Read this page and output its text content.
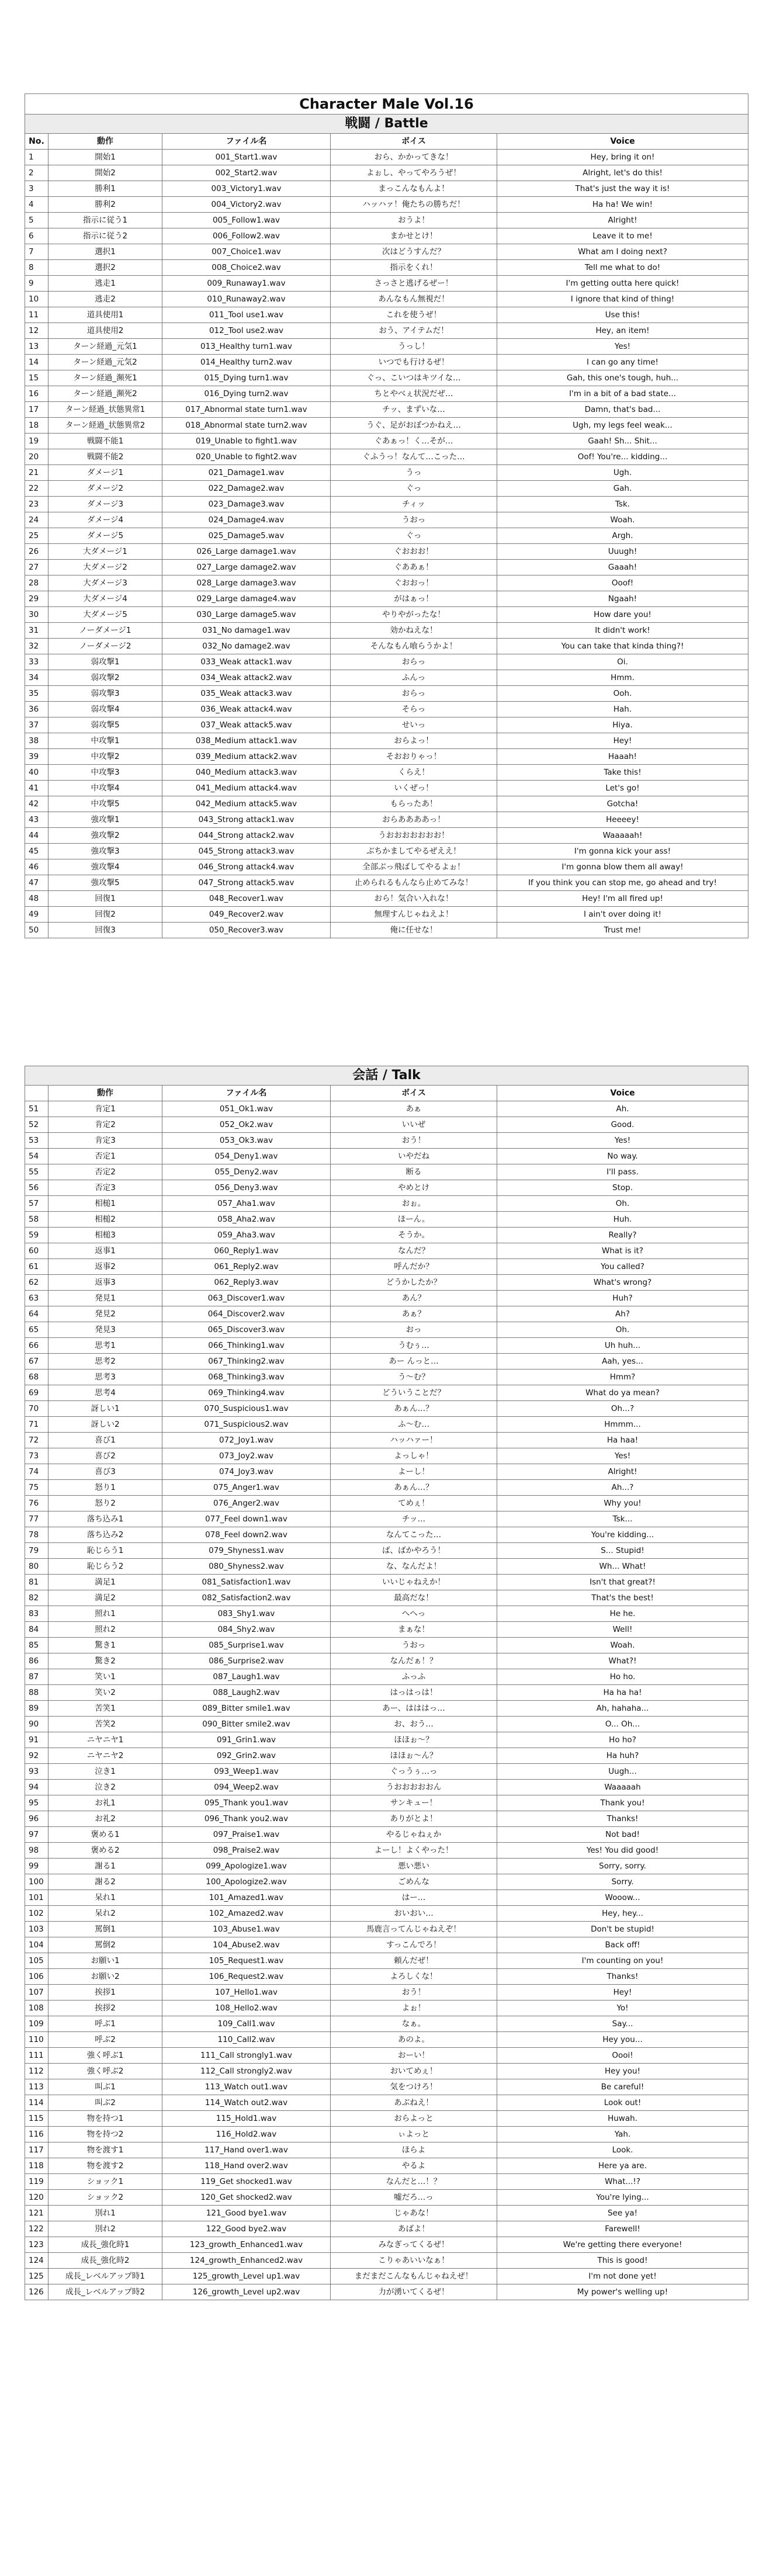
Character Male Vol.16				
戦闘 / Battle				
No.	動作	ファイル名	ボイス	Voice
1	開始1	001_Start1.wav	おら、かかってきな！	Hey, bring it on!
2	開始2	002_Start2.wav	よぉし、やってやろうぜ！	Alright, let's do this!
3	勝利1	003_Victory1.wav	まっこんなもんよ！	That's just the way it is!
4	勝利2	004_Victory2.wav	ハッハァ！俺たちの勝ちだ！	Ha ha! We win!
5	指示に従う1	005_Follow1.wav	おうよ！	Alright!
6	指示に従う2	006_Follow2.wav	まかせとけ！	Leave it to me!
7	選択1	007_Choice1.wav	次はどうすんだ？	What am I doing next?
8	選択2	008_Choice2.wav	指示をくれ！	Tell me what to do!
9	逃走1	009_Runaway1.wav	さっさと逃げるぜー！	I'm getting outta here quick!
10	逃走2	010_Runaway2.wav	あんなもん無視だ！	I ignore that kind of thing!
11	道具使用1	011_Tool use1.wav	これを使うぜ！	Use this!
12	道具使用2	012_Tool use2.wav	おう、アイテムだ！	Hey, an item!
13	ターン経過_元気1	013_Healthy turn1.wav	うっし！	Yes!
14	ターン経過_元気2	014_Healthy turn2.wav	いつでも行けるぜ！	I can go any time!
15	ターン経過_瀕死1	015_Dying turn1.wav	ぐっ、こいつはキツイな…	Gah, this one's tough, huh...
16	ターン経過_瀕死2	016_Dying turn2.wav	ちとやべぇ状況だぜ…	I'm in a bit of a bad state...
17	ターン経過_状態異常1	017_Abnormal state turn1.wav	チッ、まずいな…	Damn, that's bad...
18	ターン経過_状態異常2	018_Abnormal state turn2.wav	うぐ、足がおぼつかねえ…	Ugh, my legs feel weak...
19	戦闘不能1	019_Unable to fight1.wav	ぐあぁっ！く…そが…	Gaah! Sh... Shit...
20	戦闘不能2	020_Unable to fight2.wav	ぐふうっ！なんて…こった…	Oof! You're... kidding...
21	ダメージ1	021_Damage1.wav	うっ	Ugh.
22	ダメージ2	022_Damage2.wav	ぐっ	Gah.
23	ダメージ3	023_Damage3.wav	チィッ	Tsk.
24	ダメージ4	024_Damage4.wav	うおっ	Woah.
25	ダメージ5	025_Damage5.wav	ぐっ	Argh.
26	大ダメージ1	026_Large damage1.wav	ぐおおお！	Uuugh!
27	大ダメージ2	027_Large damage2.wav	ぐああぁ！	Gaaah!
28	大ダメージ3	028_Large damage3.wav	ぐおおっ！	Ooof!
29	大ダメージ4	029_Large damage4.wav	がはぁっ！	Ngaah!
30	大ダメージ5	030_Large damage5.wav	やりやがったな！	How dare you!
31	ノーダメージ1	031_No damage1.wav	効かねえな！	It didn't work!
32	ノーダメージ2	032_No damage2.wav	そんなもん喰らうかよ！	You can take that kinda thing?!
33	弱攻撃1	033_Weak attack1.wav	おらっ	Oi.
34	弱攻撃2	034_Weak attack2.wav	ふんっ	Hmm.
35	弱攻撃3	035_Weak attack3.wav	おらっ	Ooh.
36	弱攻撃4	036_Weak attack4.wav	そらっ	Hah.
37	弱攻撃5	037_Weak attack5.wav	せいっ	Hiya.
38	中攻撃1	038_Medium attack1.wav	おらよっ！	Hey!
39	中攻撃2	039_Medium attack2.wav	そおおりゃっ！	Haaah!
40	中攻撃3	040_Medium attack3.wav	くらえ！	Take this!
41	中攻撃4	041_Medium attack4.wav	いくぜっ！	Let's go!
42	中攻撃5	042_Medium attack5.wav	もらったあ！	Gotcha!
43	強攻撃1	043_Strong attack1.wav	おらああああっ！	Heeeey!
44	強攻撃2	044_Strong attack2.wav	うおおおおおおお！	Waaaaah!
45	強攻撃3	045_Strong attack3.wav	ぶちかましてやるぜええ！	I'm gonna kick your ass!
46	強攻撃4	046_Strong attack4.wav	全部ぶっ飛ばしてやるよぉ！	I'm gonna blow them all away!
47	強攻撃5	047_Strong attack5.wav	止められるもんなら止めてみな！	If you think you can stop me, go ahead and try!
48	回復1	048_Recover1.wav	おら！気合い入れな！	Hey! I'm all fired up!
49	回復2	049_Recover2.wav	無理すんじゃねえよ！	I ain't over doing it!
50	回復3	050_Recover3.wav	俺に任せな！	Trust me!
会話 / Talk				
	動作	ファイル名	ボイス	Voice
51	肯定1	051_Ok1.wav	あぁ	Ah.
52	肯定2	052_Ok2.wav	いいぜ	Good.
53	肯定3	053_Ok3.wav	おう！	Yes!
54	否定1	054_Deny1.wav	いやだね	No way.
55	否定2	055_Deny2.wav	断る	I'll pass.
56	否定3	056_Deny3.wav	やめとけ	Stop.
57	相槌1	057_Aha1.wav	おぉ。	Oh.
58	相槌2	058_Aha2.wav	ほーん。	Huh.
59	相槌3	059_Aha3.wav	そうか。	Really?
60	返事1	060_Reply1.wav	なんだ？	What is it?
61	返事2	061_Reply2.wav	呼んだか？	You called?
62	返事3	062_Reply3.wav	どうかしたか？	What's wrong?
63	発見1	063_Discover1.wav	あん？	Huh?
64	発見2	064_Discover2.wav	あぁ？	Ah?
65	発見3	065_Discover3.wav	おっ	Oh.
66	思考1	066_Thinking1.wav	うむぅ…	Uh huh...
67	思考2	067_Thinking2.wav	あー んっと…	Aah, yes...
68	思考3	068_Thinking3.wav	う～む？	Hmm?
69	思考4	069_Thinking4.wav	どういうことだ？	What do ya mean?
70	訝しい1	070_Suspicious1.wav	あぁん…？	Oh...?
71	訝しい2	071_Suspicious2.wav	ふ～む…	Hmmm...
72	喜び1	072_Joy1.wav	ハッハァー！	Ha haa!
73	喜び2	073_Joy2.wav	よっしゃ！	Yes!
74	喜び3	074_Joy3.wav	よーし！	Alright!
75	怒り1	075_Anger1.wav	あぁん…？	Ah...?
76	怒り2	076_Anger2.wav	てめぇ！	Why you!
77	落ち込み1	077_Feel down1.wav	チッ…	Tsk...
78	落ち込み2	078_Feel down2.wav	なんてこった…	You're kidding...
79	恥じらう1	079_Shyness1.wav	ば、ばかやろう！	S... Stupid!
80	恥じらう2	080_Shyness2.wav	な、なんだよ！	Wh... What!
81	満足1	081_Satisfaction1.wav	いいじゃねえか！	Isn't that great?!
82	満足2	082_Satisfaction2.wav	最高だな！	That's the best!
83	照れ1	083_Shy1.wav	へへっ	He he.
84	照れ2	084_Shy2.wav	まぁな！	Well!
85	驚き1	085_Surprise1.wav	うおっ	Woah.
86	驚き2	086_Surprise2.wav	なんだぁ！？	What?!
87	笑い1	087_Laugh1.wav	ふっふ	Ho ho.
88	笑い2	088_Laugh2.wav	はっはっは！	Ha ha ha!
89	苦笑1	089_Bitter smile1.wav	あー、はははっ…	Ah, hahaha...
90	苦笑2	090_Bitter smile2.wav	お、おう…	O... Oh...
91	ニヤニヤ1	091_Grin1.wav	ほほぉ～？	Ho ho?
92	ニヤニヤ2	092_Grin2.wav	ほほぉ～ん？	Ha huh?
93	泣き1	093_Weep1.wav	ぐっうぅ…っ	Uugh...
94	泣き2	094_Weep2.wav	うおおおおおん	Waaaaah
95	お礼1	095_Thank you1.wav	サンキュー！	Thank you!
96	お礼2	096_Thank you2.wav	ありがとよ！	Thanks!
97	褒める1	097_Praise1.wav	やるじゃねぇか	Not bad!
98	褒める2	098_Praise2.wav	よーし！よくやった！	Yes! You did good!
99	謝る1	099_Apologize1.wav	悪い悪い	Sorry, sorry.
100	謝る2	100_Apologize2.wav	ごめんな	Sorry.
101	呆れ1	101_Amazed1.wav	はー…	Wooow...
102	呆れ2	102_Amazed2.wav	おいおい…	Hey, hey...
103	罵倒1	103_Abuse1.wav	馬鹿言ってんじゃねえぞ！	Don't be stupid!
104	罵倒2	104_Abuse2.wav	すっこんでろ！	Back off!
105	お願い1	105_Request1.wav	頼んだぜ！	I'm counting on you!
106	お願い2	106_Request2.wav	よろしくな！	Thanks!
107	挨拶1	107_Hello1.wav	おう！	Hey!
108	挨拶2	108_Hello2.wav	よぉ！	Yo!
109	呼ぶ1	109_Call1.wav	なぁ。	Say...
110	呼ぶ2	110_Call2.wav	あのよ。	Hey you...
111	強く呼ぶ1	111_Call strongly1.wav	おーい！	Oooi!
112	強く呼ぶ2	112_Call strongly2.wav	おいてめぇ！	Hey you!
113	叫ぶ1	113_Watch out1.wav	気をつけろ！	Be careful!
114	叫ぶ2	114_Watch out2.wav	あぶねえ！	Look out!
115	物を持つ1	115_Hold1.wav	おらよっと	Huwah.
116	物を持つ2	116_Hold2.wav	ぃよっと	Yah.
117	物を渡す1	117_Hand over1.wav	ほらよ	Look.
118	物を渡す2	118_Hand over2.wav	やるよ	Here ya are.
119	ショック1	119_Get shocked1.wav	なんだと…！？	What...!?
120	ショック2	120_Get shocked2.wav	嘘だろ…っ	You're lying...
121	別れ1	121_Good bye1.wav	じゃあな！	See ya!
122	別れ2	122_Good bye2.wav	あばよ！	Farewell!
123	成長_強化時1	123_growth_Enhanced1.wav	みなぎってくるぜ！	We're getting there everyone!
124	成長_強化時2	124_growth_Enhanced2.wav	こりゃあいいなぁ！	This is good!
125	成長_レベルアップ時1	125_growth_Level up1.wav	まだまだこんなもんじゃねえぜ！	I'm not done yet!
126	成長_レベルアップ時2	126_growth_Level up2.wav	力が湧いてくるぜ！	My power's welling up!
